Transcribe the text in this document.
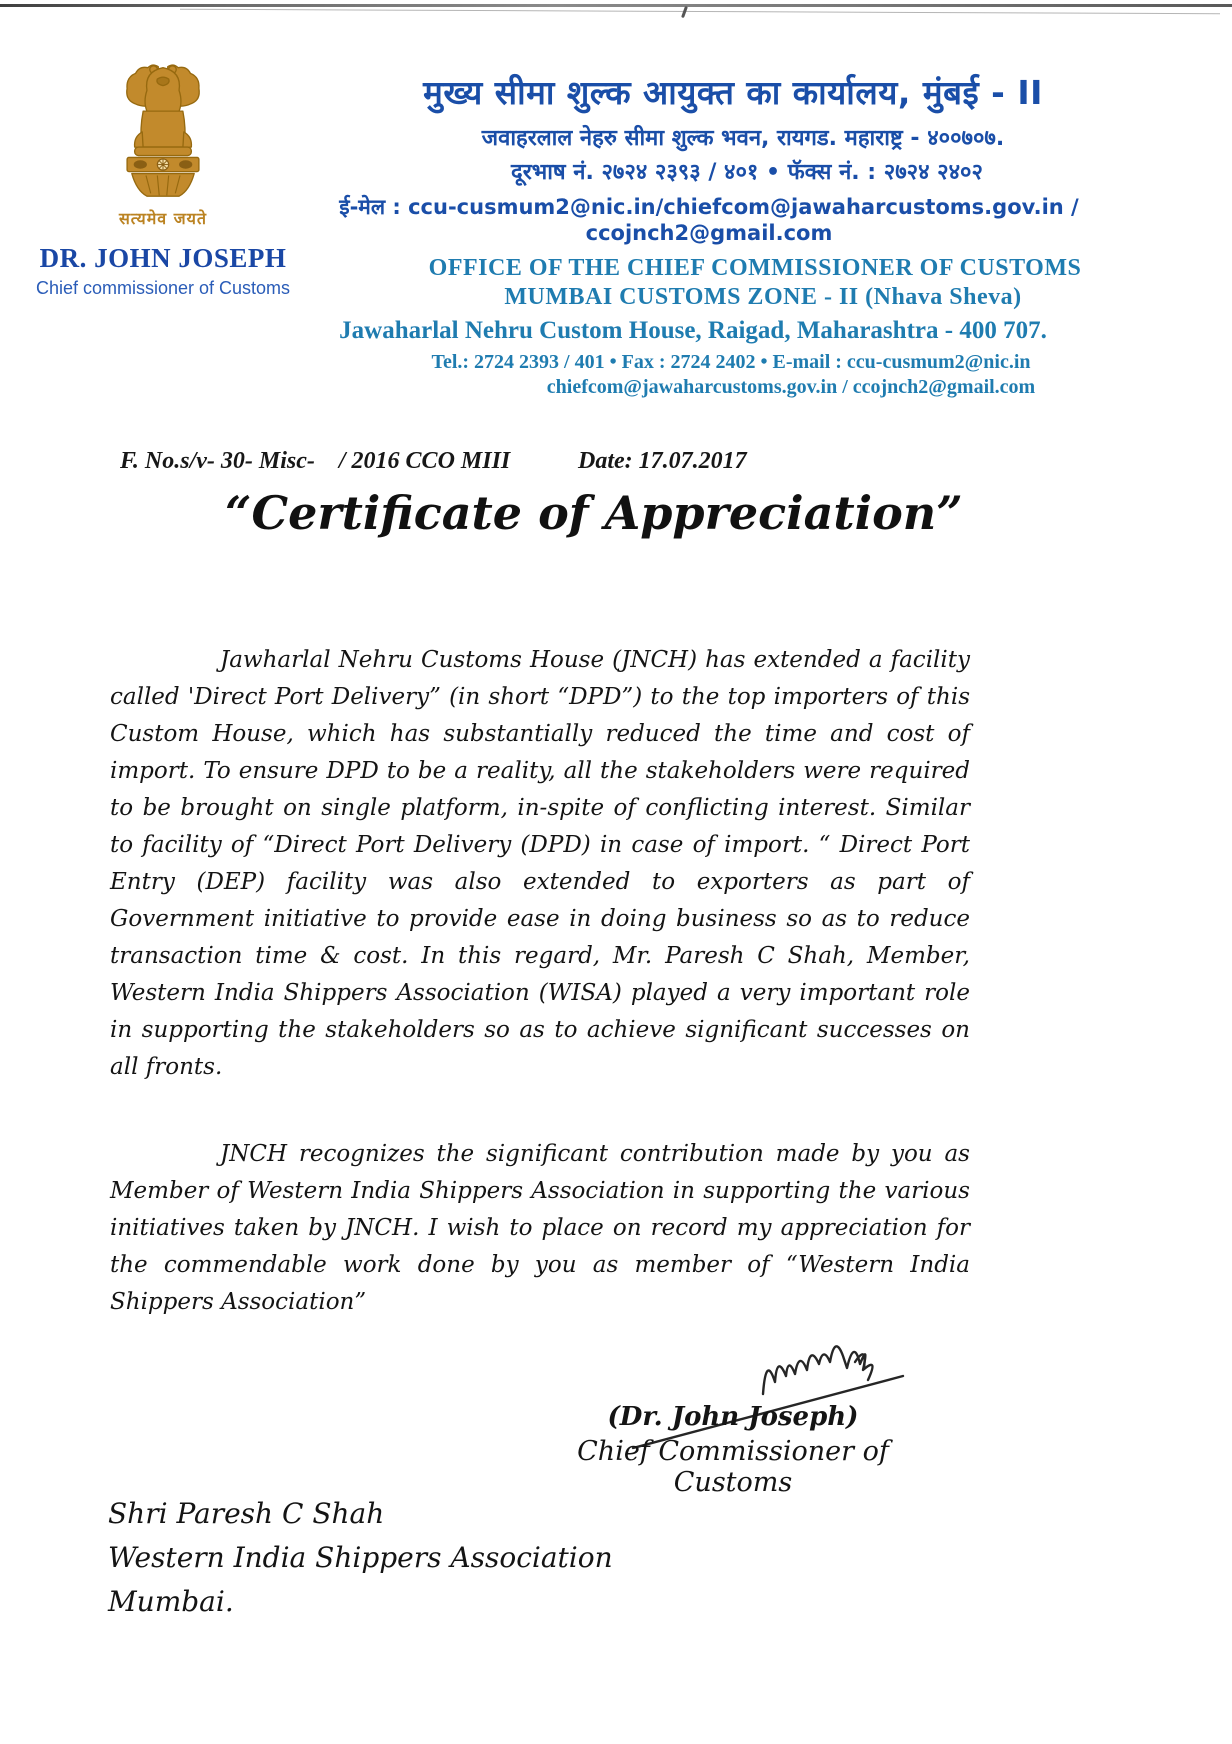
सत्यमेव जयते
DR. JOHN JOSEPH
Chief commissioner of Customs
मुख्य सीमा शुल्क आयुक्त का कार्यालय, मुंबई - II
जवाहरलाल नेहरु सीमा शुल्क भवन, रायगड. महाराष्ट्र - ४००७०७.
दूरभाष नं. २७२४ २३९३ / ४०१ • फॅक्स नं. : २७२४ २४०२
ई-मेल : ccu-cusmum2@nic.in/chiefcom@jawaharcustoms.gov.in / ccojnch2@gmail.com
OFFICE OF THE CHIEF COMMISSIONER OF CUSTOMS
MUMBAI CUSTOMS ZONE - II (Nhava Sheva)
Jawaharlal Nehru Custom House, Raigad, Maharashtra - 400 707.
Tel.: 2724 2393 / 401 • Fax : 2724 2402 • E-mail : ccu-cusmum2@nic.in
chiefcom@jawaharcustoms.gov.in / ccojnch2@gmail.com
F. No.s/v- 30- Misc-    / 2016 CCO MIII	Date: 17.07.2017
“Certificate of Appreciation”

Jawharlal Nehru Customs House (JNCH) has extended a facility called 'Direct Port Delivery” (in short “DPD”) to the top importers of this Custom House, which has substantially reduced the time and cost of import. To ensure DPD to be a reality, all the stakeholders were required to be brought on single platform, in-spite of conflicting interest. Similar to facility of “Direct Port Delivery (DPD) in case of import. “ Direct Port Entry (DEP) facility was also extended to exporters as part of Government initiative to provide ease in doing business so as to reduce transaction time & cost. In this regard, Mr. Paresh C Shah, Member, Western India Shippers Association (WISA) played a very important role in supporting the stakeholders so as to achieve significant successes on all fronts.

JNCH recognizes the significant contribution made by you as Member of Western India Shippers Association in supporting the various initiatives taken by JNCH. I wish to place on record my appreciation for the commendable work done by you as member of “Western India Shippers Association”

(Dr. John Joseph)
Chief Commissioner of Customs
Shri Paresh C Shah
Western India Shippers Association
Mumbai.
